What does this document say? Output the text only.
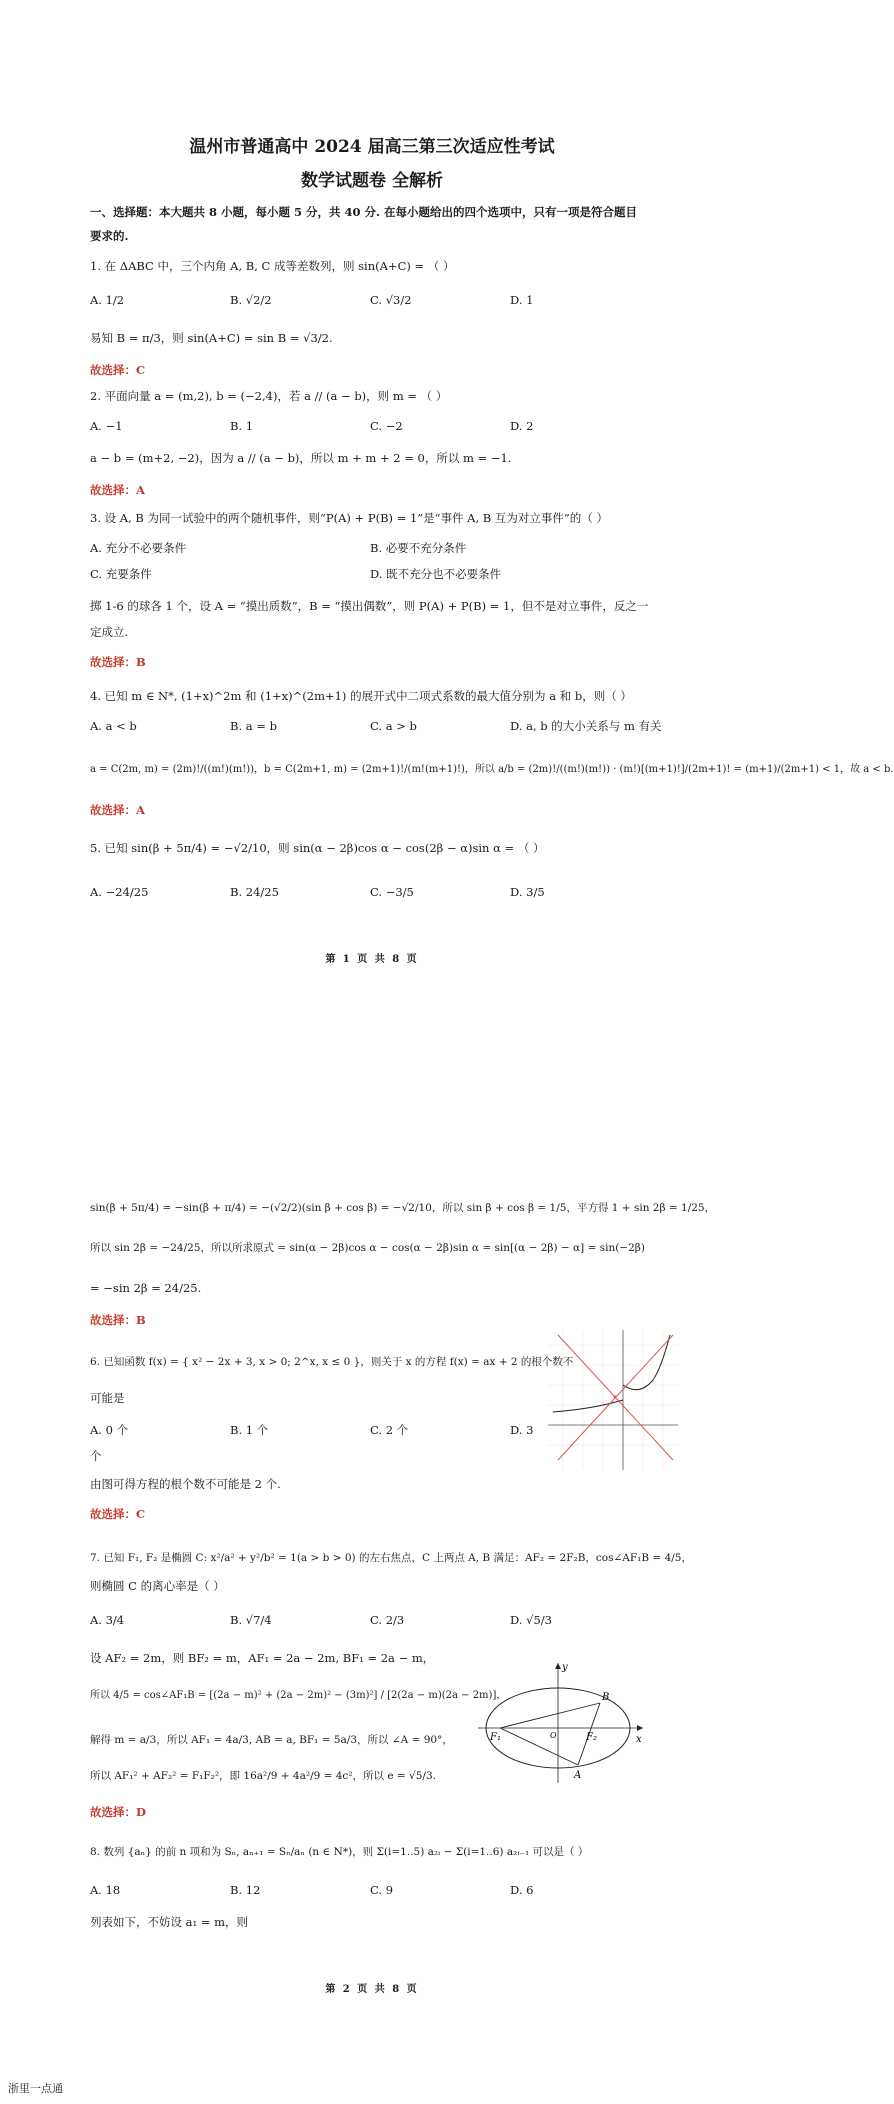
温州市普通高中 2024 届高三第三次适应性考试
数学试题卷 全解析
一、选择题：本大题共 8 小题，每小题 5 分，共 40 分. 在每小题给出的四个选项中，只有一项是符合题目
要求的.
1. 在 ΔABC 中，三个内角 A, B, C 成等差数列，则 sin(A+C) = （ ）
A. 1/2	B. √2/2	C. √3/2	D. 1
易知 B = π/3，则 sin(A+C) = sin B = √3/2.
故选择：C
2. 平面向量 a = (m,2), b = (−2,4)，若 a // (a − b)，则 m = （ ）
A. −1	B. 1	C. −2	D. 2
a − b = (m+2, −2)，因为 a // (a − b)，所以 m + m + 2 = 0，所以 m = −1.
故选择：A
3. 设 A, B 为同一试验中的两个随机事件，则“P(A) + P(B) = 1”是“事件 A, B 互为对立事件”的（ ）
A. 充分不必要条件	B. 必要不充分条件
C. 充要条件	D. 既不充分也不必要条件
掷 1-6 的球各 1 个，设 A = “摸出质数”，B = “摸出偶数”，则 P(A) + P(B) = 1，但不是对立事件，反之一
定成立.
故选择：B
4. 已知 m ∈ N*, (1+x)^2m 和 (1+x)^(2m+1) 的展开式中二项式系数的最大值分别为 a 和 b，则（ ）
A. a < b	B. a = b	C. a > b	D. a, b 的大小关系与 m 有关
a = C(2m, m) = (2m)!/((m!)(m!))，b = C(2m+1, m) = (2m+1)!/(m!(m+1)!)，所以 a/b = (2m)!/((m!)(m!)) · (m!)[(m+1)!]/(2m+1)! = (m+1)/(2m+1) < 1，故 a < b.
故选择：A
5. 已知 sin(β + 5π/4) = −√2/10，则 sin(α − 2β)cos α − cos(2β − α)sin α = （ ）
A. −24/25	B. 24/25	C. −3/5	D. 3/5
第 1 页 共 8 页
sin(β + 5π/4) = −sin(β + π/4) = −(√2/2)(sin β + cos β) = −√2/10，所以 sin β + cos β = 1/5，平方得 1 + sin 2β = 1/25，
所以 sin 2β = −24/25，所以所求原式 = sin(α − 2β)cos α − cos(α − 2β)sin α = sin[(α − 2β) − α] = sin(−2β)
= −sin 2β = 24/25.
故选择：B
6. 已知函数 f(x) = { x² − 2x + 3, x > 0; 2^x, x ≤ 0 }，则关于 x 的方程 f(x) = ax + 2 的根个数不
可能是
A. 0 个	B. 1 个	C. 2 个	D. 3
个
由图可得方程的根个数不可能是 2 个.
故选择：C
7. 已知 F₁, F₂ 是椭圆 C: x²/a² + y²/b² = 1(a > b > 0) 的左右焦点，C 上两点 A, B 满足：AF₂ = 2F₂B，cos∠AF₁B = 4/5，
则椭圆 C 的离心率是（ ）
A. 3/4	B. √7/4	C. 2/3	D. √5/3
设 AF₂ = 2m，则 BF₂ = m，AF₁ = 2a − 2m, BF₁ = 2a − m，
所以 4/5 = cos∠AF₁B = [(2a − m)² + (2a − 2m)² − (3m)²] / [2(2a − m)(2a − 2m)]，
解得 m = a/3，所以 AF₁ = 4a/3, AB = a, BF₁ = 5a/3，所以 ∠A = 90°，
所以 AF₁² + AF₂² = F₁F₂²，即 16a²/9 + 4a²/9 = 4c²，所以 e = √5/3.
故选择：D
x
y
B
A
F₁	F₂
O
8. 数列 {aₙ} 的前 n 项和为 Sₙ, aₙ₊₁ = Sₙ/aₙ (n ∈ N*)，则 Σ(i=1..5) a₂ᵢ − Σ(i=1..6) a₂ᵢ₋₁ 可以是（ ）
A. 18	B. 12	C. 9	D. 6
列表如下，不妨设 a₁ = m，则
第 2 页 共 8 页
浙里一点通
